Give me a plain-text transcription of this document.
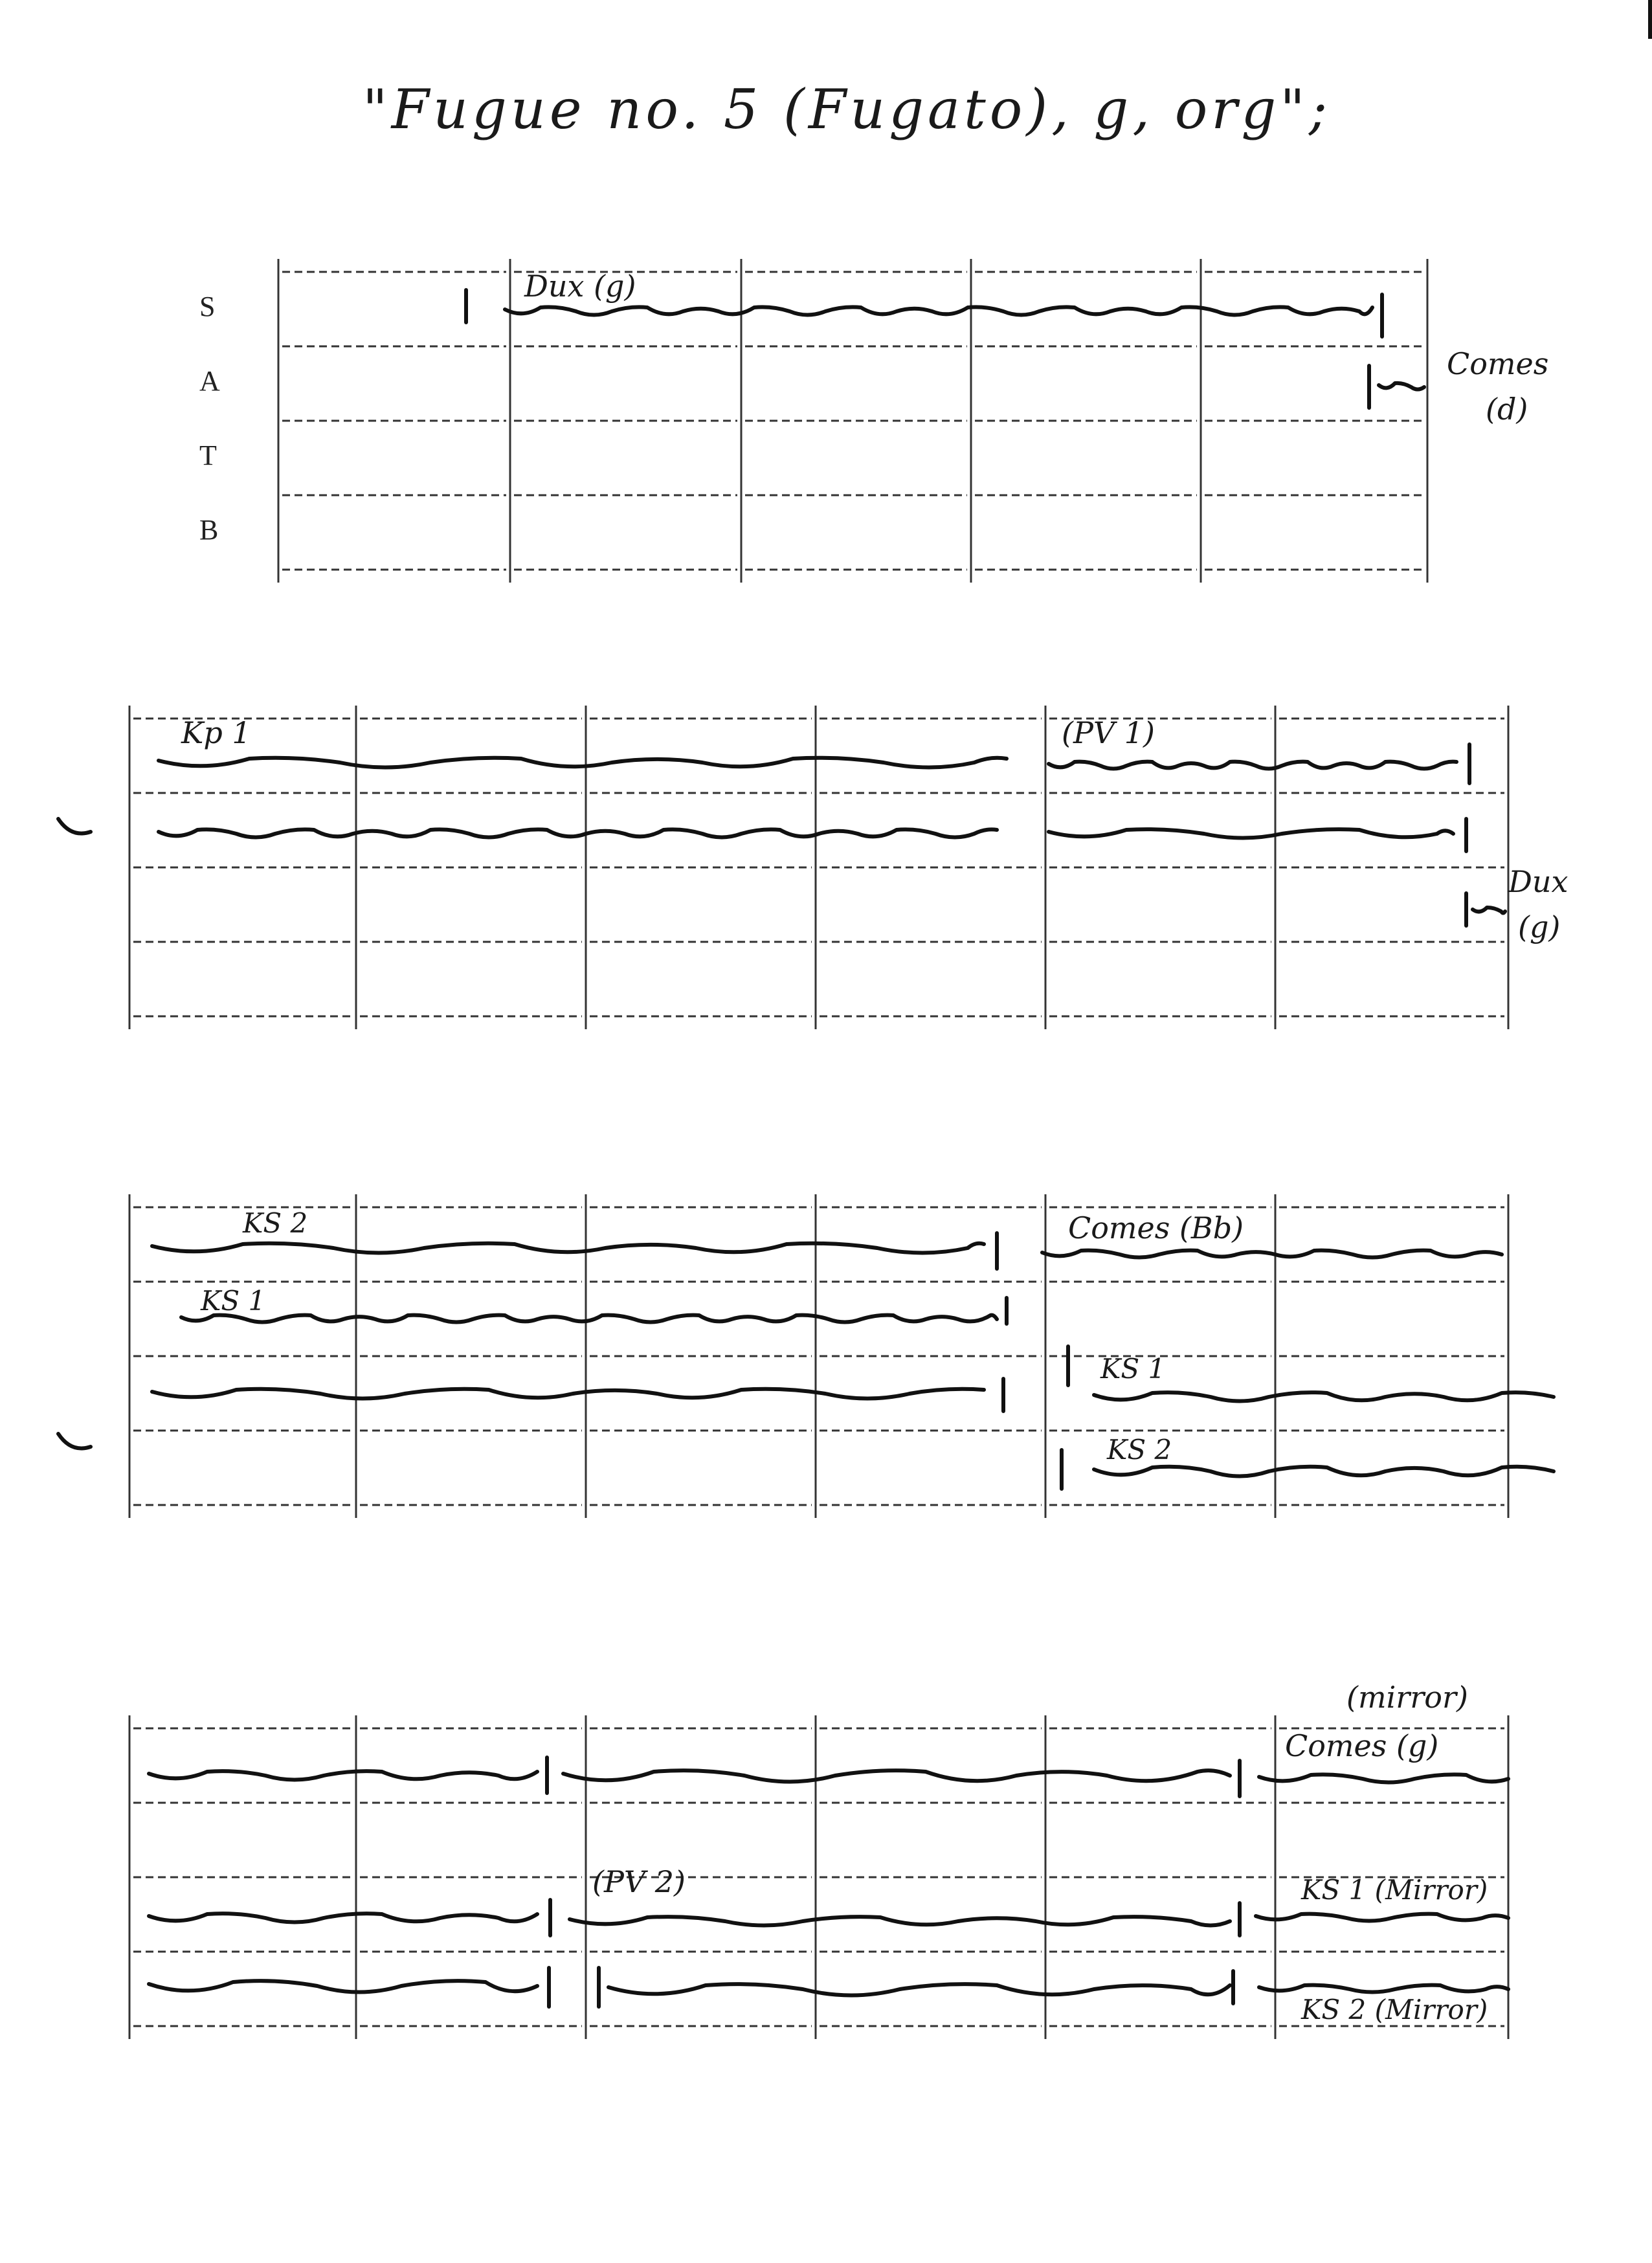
"Fugue no. 5 (Fugato), g, org";
S
A
T
B
Dux (g)
Comes
(d)
Kp 1	(PV 1)
Dux
(g)
KS 2
KS 1
Comes (Bb)
KS 1
KS 2
(mirror)
Comes (g)
(PV 2)	KS 1 (Mirror)
KS 2 (Mirror)
